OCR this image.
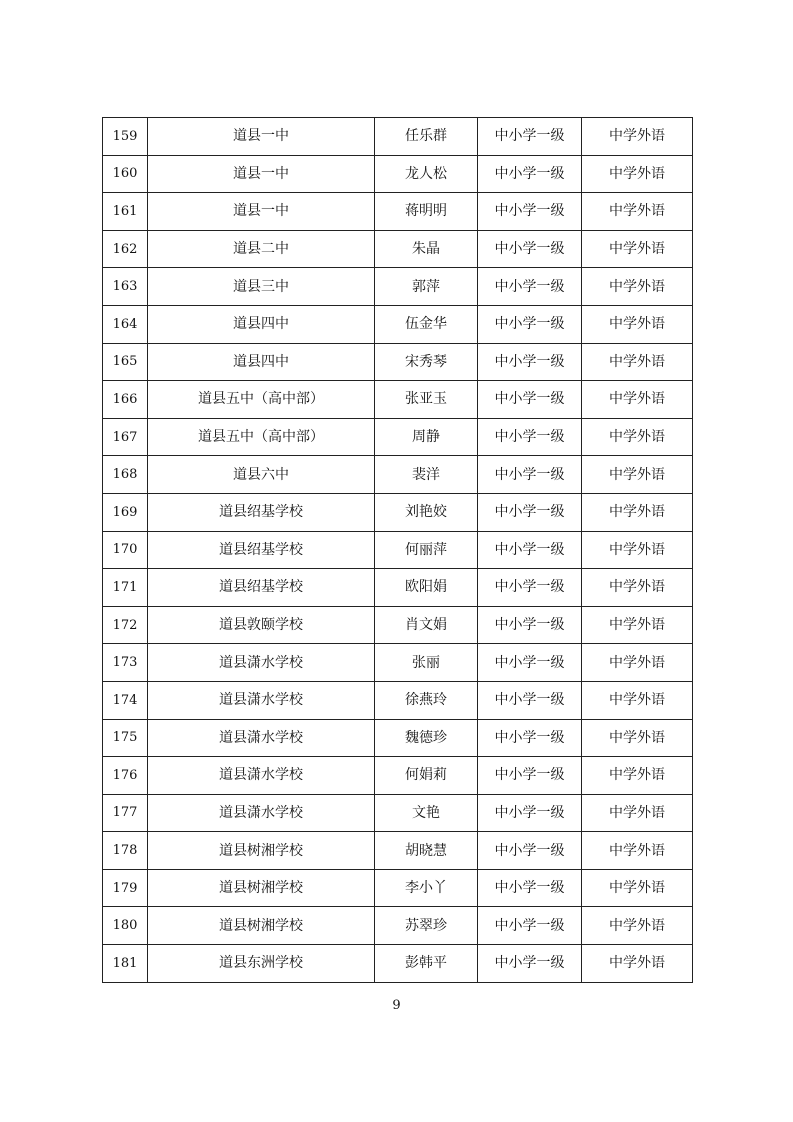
159	道县一中	任乐群	中小学一级	中学外语
160	道县一中	龙人松	中小学一级	中学外语
161	道县一中	蒋明明	中小学一级	中学外语
162	道县二中	朱晶	中小学一级	中学外语
163	道县三中	郭萍	中小学一级	中学外语
164	道县四中	伍金华	中小学一级	中学外语
165	道县四中	宋秀琴	中小学一级	中学外语
166	道县五中（高中部）	张亚玉	中小学一级	中学外语
167	道县五中（高中部）	周静	中小学一级	中学外语
168	道县六中	裴洋	中小学一级	中学外语
169	道县绍基学校	刘艳姣	中小学一级	中学外语
170	道县绍基学校	何丽萍	中小学一级	中学外语
171	道县绍基学校	欧阳娟	中小学一级	中学外语
172	道县敦颐学校	肖文娟	中小学一级	中学外语
173	道县潇水学校	张丽	中小学一级	中学外语
174	道县潇水学校	徐燕玲	中小学一级	中学外语
175	道县潇水学校	魏德珍	中小学一级	中学外语
176	道县潇水学校	何娟莉	中小学一级	中学外语
177	道县潇水学校	文艳	中小学一级	中学外语
178	道县树湘学校	胡晓慧	中小学一级	中学外语
179	道县树湘学校	李小丫	中小学一级	中学外语
180	道县树湘学校	苏翠珍	中小学一级	中学外语
181	道县东洲学校	彭韩平	中小学一级	中学外语
9
